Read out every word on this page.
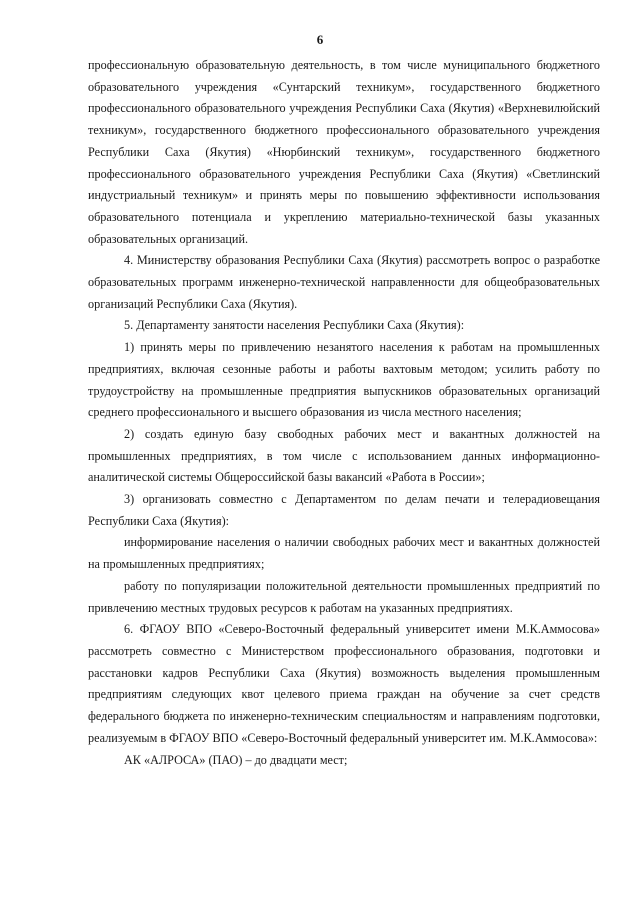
6

профессиональную образовательную деятельность, в том числе муниципального бюджетного образовательного учреждения «Сунтарский техникум», государственного бюджетного профессионального образовательного учреждения Республики Саха (Якутия) «Верхневилюйский техникум», государственного бюджетного профессионального образовательного учреждения Республики Саха (Якутия) «Нюрбинский техникум», государственного бюджетного профессионального образовательного учреждения Республики Саха (Якутия) «Светлинский индустриальный техникум» и принять меры по повышению эффективности использования образовательного потенциала и укреплению материально-технической базы указанных образовательных организаций.

4. Министерству образования Республики Саха (Якутия) рассмотреть вопрос о разработке образовательных программ инженерно-технической направленности для общеобразовательных организаций Республики Саха (Якутия).

5. Департаменту занятости населения Республики Саха (Якутия):

1) принять меры по привлечению незанятого населения к работам на промышленных предприятиях, включая сезонные работы и работы вахтовым методом; усилить работу по трудоустройству на промышленные предприятия выпускников образовательных организаций среднего профессионального и высшего образования из числа местного населения;

2) создать единую базу свободных рабочих мест и вакантных должностей на промышленных предприятиях, в том числе с использованием данных информационно-аналитической системы Общероссийской базы вакансий «Работа в России»;

3) организовать совместно с Департаментом по делам печати и телерадиовещания Республики Саха (Якутия):

информирование населения о наличии свободных рабочих мест и вакантных должностей на промышленных предприятиях;

работу по популяризации положительной деятельности промышленных предприятий по привлечению местных трудовых ресурсов к работам на указанных предприятиях.

6. ФГАОУ ВПО «Северо-Восточный федеральный университет имени М.К.Аммосова» рассмотреть совместно с Министерством профессионального образования, подготовки и расстановки кадров Республики Саха (Якутия) возможность выделения промышленным предприятиям следующих квот целевого приема граждан на обучение за счет средств федерального бюджета по инженерно-техническим специальностям и направлениям подготовки, реализуемым в ФГАОУ ВПО «Северо-Восточный федеральный университет им. М.К.Аммосова»:

АК «АЛРОСА» (ПАО) – до двадцати мест;
